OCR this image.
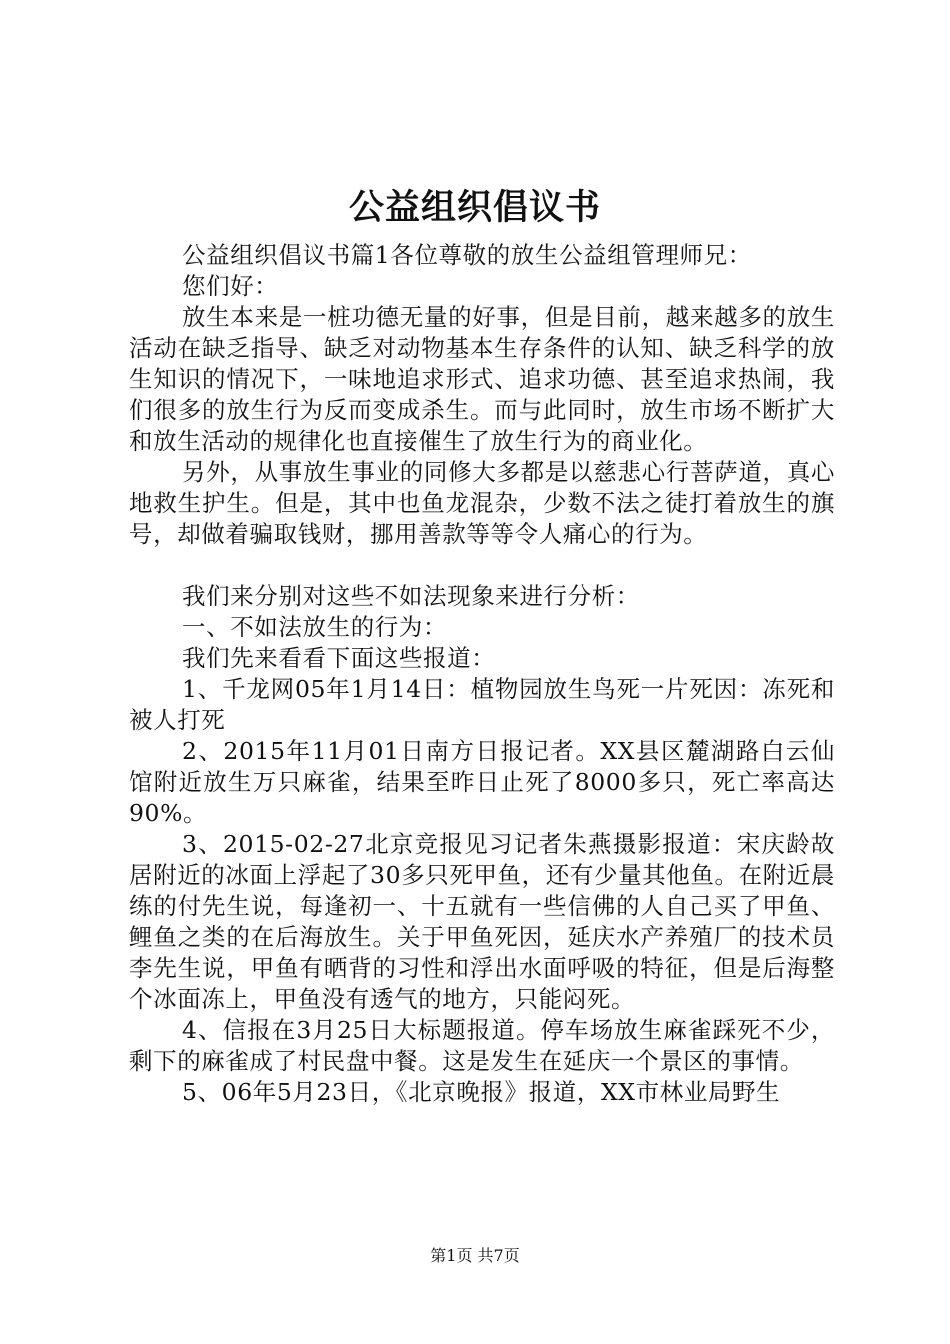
公益组织倡议书

公益组织倡议书篇1各位尊敬的放生公益组管理师兄：

您们好：

放生本来是一桩功德无量的好事，但是目前，越来越多的放生活动在缺乏指导、缺乏对动物基本生存条件的认知、缺乏科学的放生知识的情况下，一味地追求形式、追求功德、甚至追求热闹，我们很多的放生行为反而变成杀生。而与此同时，放生市场不断扩大和放生活动的规律化也直接催生了放生行为的商业化。

另外，从事放生事业的同修大多都是以慈悲心行菩萨道，真心地救生护生。但是，其中也鱼龙混杂，少数不法之徒打着放生的旗号，却做着骗取钱财，挪用善款等等令人痛心的行为。

我们来分别对这些不如法现象来进行分析：

一、不如法放生的行为：

我们先来看看下面这些报道：

1、千龙网05年1月14日：植物园放生鸟死一片死因：冻死和被人打死

2、2015年11月01日南方日报记者。XX县区麓湖路白云仙馆附近放生万只麻雀，结果至昨日止死了8000多只，死亡率高达90%。

3、2015-02-27北京竞报见习记者朱燕摄影报道：宋庆龄故居附近的冰面上浮起了30多只死甲鱼，还有少量其他鱼。在附近晨练的付先生说，每逢初一、十五就有一些信佛的人自己买了甲鱼、鲤鱼之类的在后海放生。关于甲鱼死因，延庆水产养殖厂的技术员李先生说，甲鱼有晒背的习性和浮出水面呼吸的特征，但是后海整个冰面冻上，甲鱼没有透气的地方，只能闷死。

4、信报在3月25日大标题报道。停车场放生麻雀踩死不少，剩下的麻雀成了村民盘中餐。这是发生在延庆一个景区的事情。

5、06年5月23日，《北京晚报》报道，XX市林业局野生

第1页 共7页
